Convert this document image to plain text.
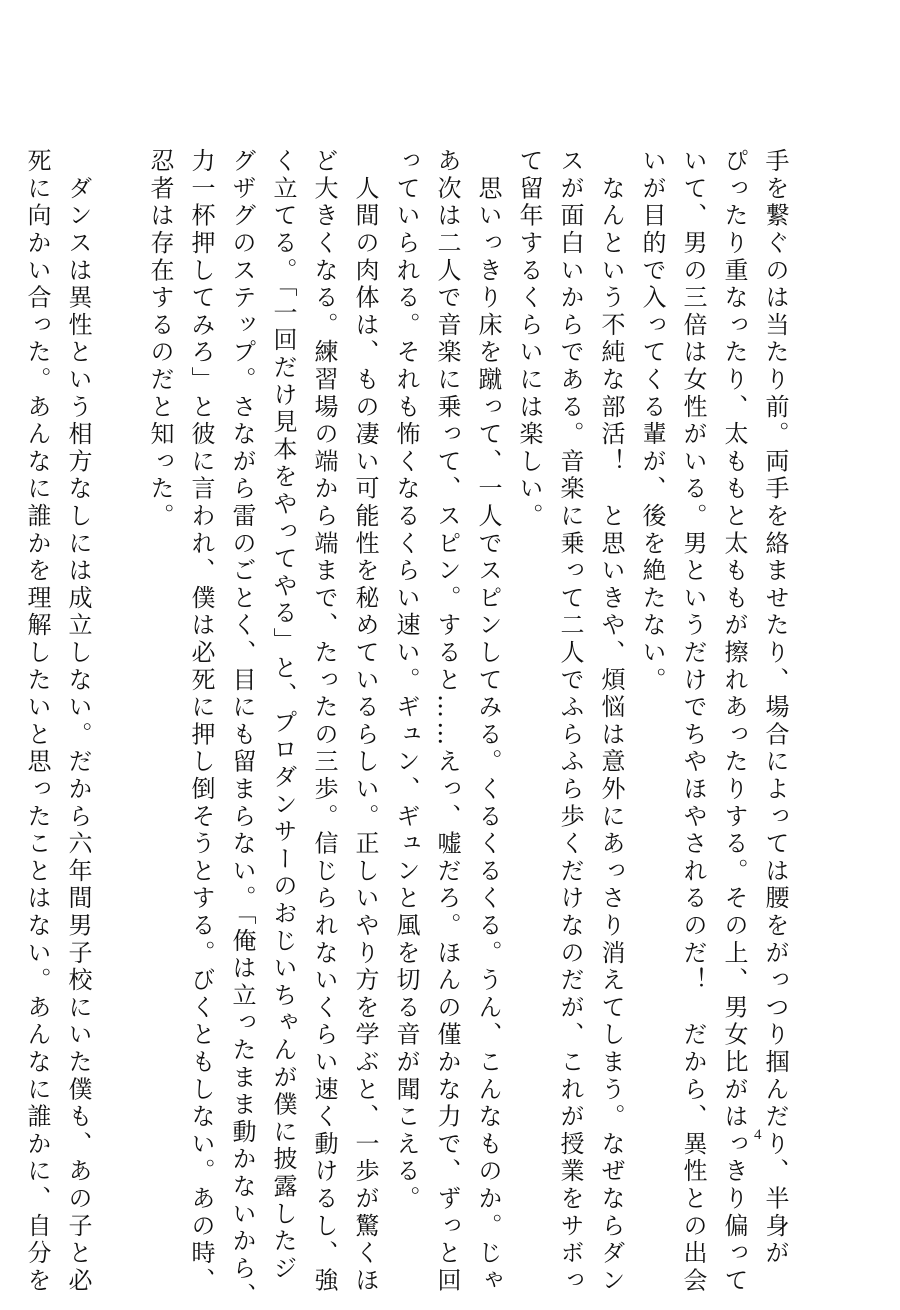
手を繋ぐのは当たり前。両手を絡ませたり、場合によっては腰をがっつり掴んだり、半身が
ぴったり重なったり、太ももと太ももが擦れあったりする。その上、男女比がはっきり偏って
いて、男の三倍は女性がいる。男というだけでちやほやされるのだ！　だから、異性との出会
いが目的で入ってくる輩が、後を絶たない。
　なんという不純な部活！　と思いきや、煩悩は意外にあっさり消えてしまう。なぜならダン
スが面白いからである。音楽に乗って二人でふらふら歩くだけなのだが、これが授業をサボっ
て留年するくらいには楽しい。
　思いっきり床を蹴って、一人でスピンしてみる。くるくるくる。うん、こんなものか。じゃ
あ次は二人で音楽に乗って、スピン。すると……えっ、嘘だろ。ほんの僅かな力で、ずっと回
っていられる。それも怖くなるくらい速い。ギュン、ギュンと風を切る音が聞こえる。
　人間の肉体は、もの凄い可能性を秘めているらしい。正しいやり方を学ぶと、一歩が驚くほ
ど大きくなる。練習場の端から端まで、たったの三歩。信じられないくらい速く動けるし、強
く立てる。「一回だけ見本をやってやる」と、プロダンサーのおじいちゃんが僕に披露したジ
グザグのステップ。さながら雷のごとく、目にも留まらない。「俺は立ったまま動かないから、
力一杯押してみろ」と彼に言われ、僕は必死に押し倒そうとする。びくともしない。あの時、
忍者は存在するのだと知った。
　ダンスは異性という相方なしには成立しない。だから六年間男子校にいた僕も、あの子と必
死に向かい合った。あんなに誰かを理解したいと思ったことはない。あんなに誰かに、自分を	4
